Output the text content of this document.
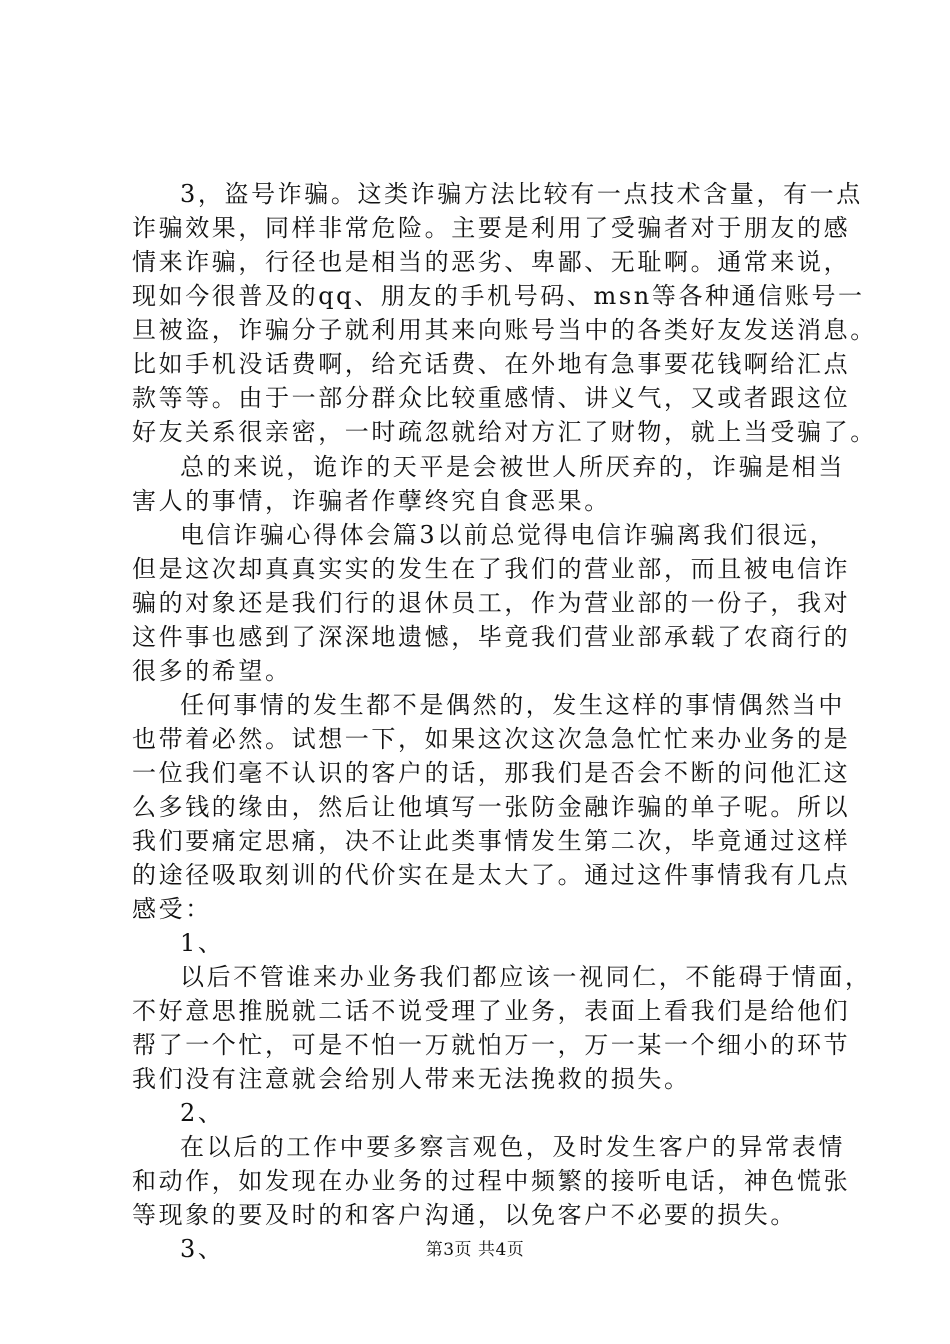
3，盗号诈骗。这类诈骗方法比较有一点技术含量，有一点
诈骗效果，同样非常危险。主要是利用了受骗者对于朋友的感
情来诈骗，行径也是相当的恶劣、卑鄙、无耻啊。通常来说，
现如今很普及的qq、朋友的手机号码、msn等各种通信账号一
旦被盗，诈骗分子就利用其来向账号当中的各类好友发送消息。
比如手机没话费啊，给充话费、在外地有急事要花钱啊给汇点
款等等。由于一部分群众比较重感情、讲义气，又或者跟这位
好友关系很亲密，一时疏忽就给对方汇了财物，就上当受骗了。
总的来说，诡诈的天平是会被世人所厌弃的，诈骗是相当
害人的事情，诈骗者作孽终究自食恶果。
电信诈骗心得体会篇3以前总觉得电信诈骗离我们很远，
但是这次却真真实实的发生在了我们的营业部，而且被电信诈
骗的对象还是我们行的退休员工，作为营业部的一份子，我对
这件事也感到了深深地遗憾，毕竟我们营业部承载了农商行的
很多的希望。
任何事情的发生都不是偶然的，发生这样的事情偶然当中
也带着必然。试想一下，如果这次这次急急忙忙来办业务的是
一位我们毫不认识的客户的话，那我们是否会不断的问他汇这
么多钱的缘由，然后让他填写一张防金融诈骗的单子呢。所以
我们要痛定思痛，决不让此类事情发生第二次，毕竟通过这样
的途径吸取刻训的代价实在是太大了。通过这件事情我有几点
感受：
1、
以后不管谁来办业务我们都应该一视同仁，不能碍于情面，
不好意思推脱就二话不说受理了业务，表面上看我们是给他们
帮了一个忙，可是不怕一万就怕万一，万一某一个细小的环节
我们没有注意就会给别人带来无法挽救的损失。
2、
在以后的工作中要多察言观色，及时发生客户的异常表情
和动作，如发现在办业务的过程中频繁的接听电话，神色慌张
等现象的要及时的和客户沟通，以免客户不必要的损失。
3、	第3页 共4页
